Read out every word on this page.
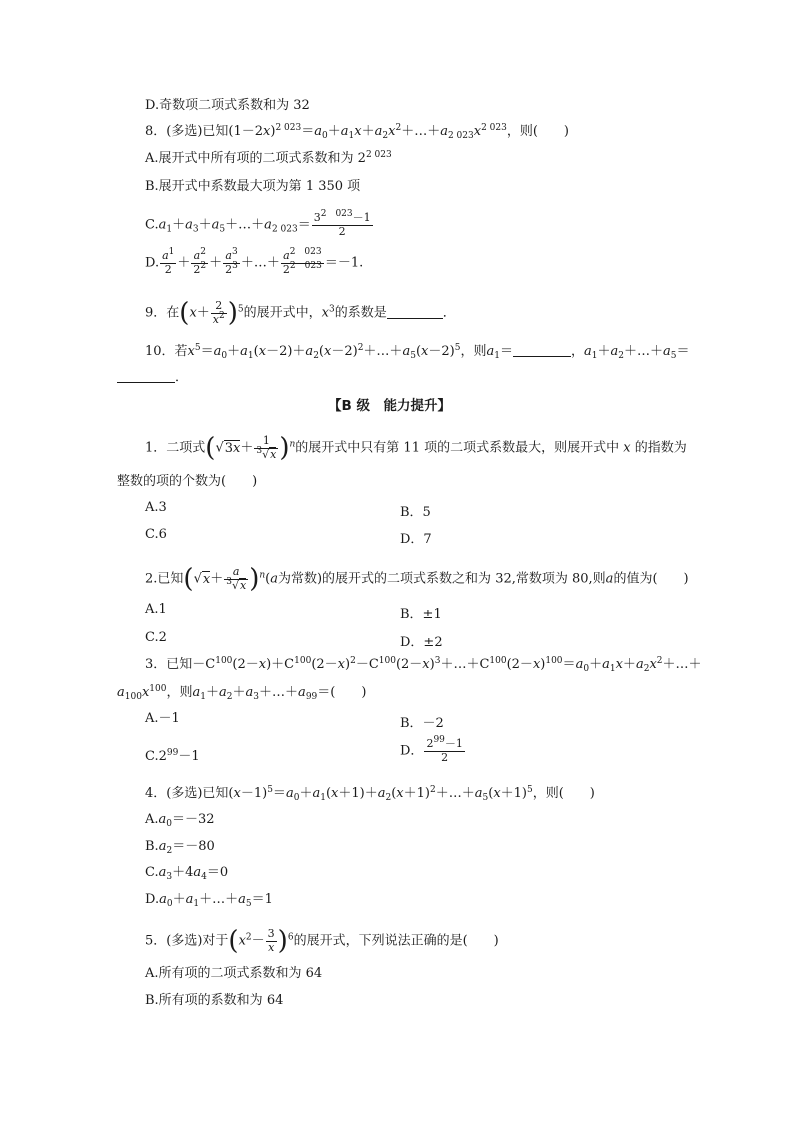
D.奇数项二项式系数和为 32
8．(多选)已知$(1-2x)^{2 023}=a_0+a_1x+a_2x^2+\dots+a_{2 023}x^{2 023}$，则(　　)
A.展开式中所有项的二项式系数和为 $2^{2 023}$
B.展开式中系数最大项为第 1 350 项
$C.a_1+a_3+a_5+\dots+a_{2 023}= \frac{3^{2 023}-1}{2}$
D. $\frac{a^1}{2} + \frac{a^2}{2^2} + \frac{a^3}{2^3}$ ＋…＋ $\frac{a^{2 023}}{2^{2 023}} =-1$.
9．在$(x+ \frac{2}{x^2} )^5$的展开式中，$x^3$的系数是	．
10．若$x^5=a_0+a_1(x-2)+a_2(x-2)^2+\dots+a_5(x-2)^5$，则$a_1=$	，$a_1+a_2+\dots+a_5=$
．
【B 级　能力提升】
1．二项式$(√3x+ \frac{1}{^3√x} )^n$的展开式中只有第 11 项的二项式系数最大，则展开式中 x 的指数为
整数的项的个数为(　　)
A.3	B．5
C.6	D．7
2.已知$(√x+ \frac{a}{^3√x} )^n(a$为常数)的展开式的二项式系数之和为 32,常数项为 80,则a的值为(　　)
A.1	B．±1
C.2	D．±2
3．已知$-C^{100}(2-x)+C^{100}(2-x)^2-C^{100}(2-x)^3+\dots+C^{100}(2-x)^{100}=a_0+a_1x+a_2x^2+\dots+$
$a_{100}x^{100}$，则$a_1+a_2+a_3+\dots+a_{99}=$(　　)
A.－1	B．－2
$C.2^{99}-1$	D． $\frac{2^{99}-1}{2}$
4．(多选)已知$(x-1)^5=a_0+a_1(x+1)+a_2(x+1)^2+\dots+a_5(x+1)^5$，则(　　)
$A.a_0=-32$
$B.a_2=-80$
$C.a_3+4a_4=0$
$D.a_0+a_1+\dots+a_5=1$
5．(多选)对于$(x^2- \frac{3}{x} )^6$的展开式，下列说法正确的是(　　)
A.所有项的二项式系数和为 64
B.所有项的系数和为 64
